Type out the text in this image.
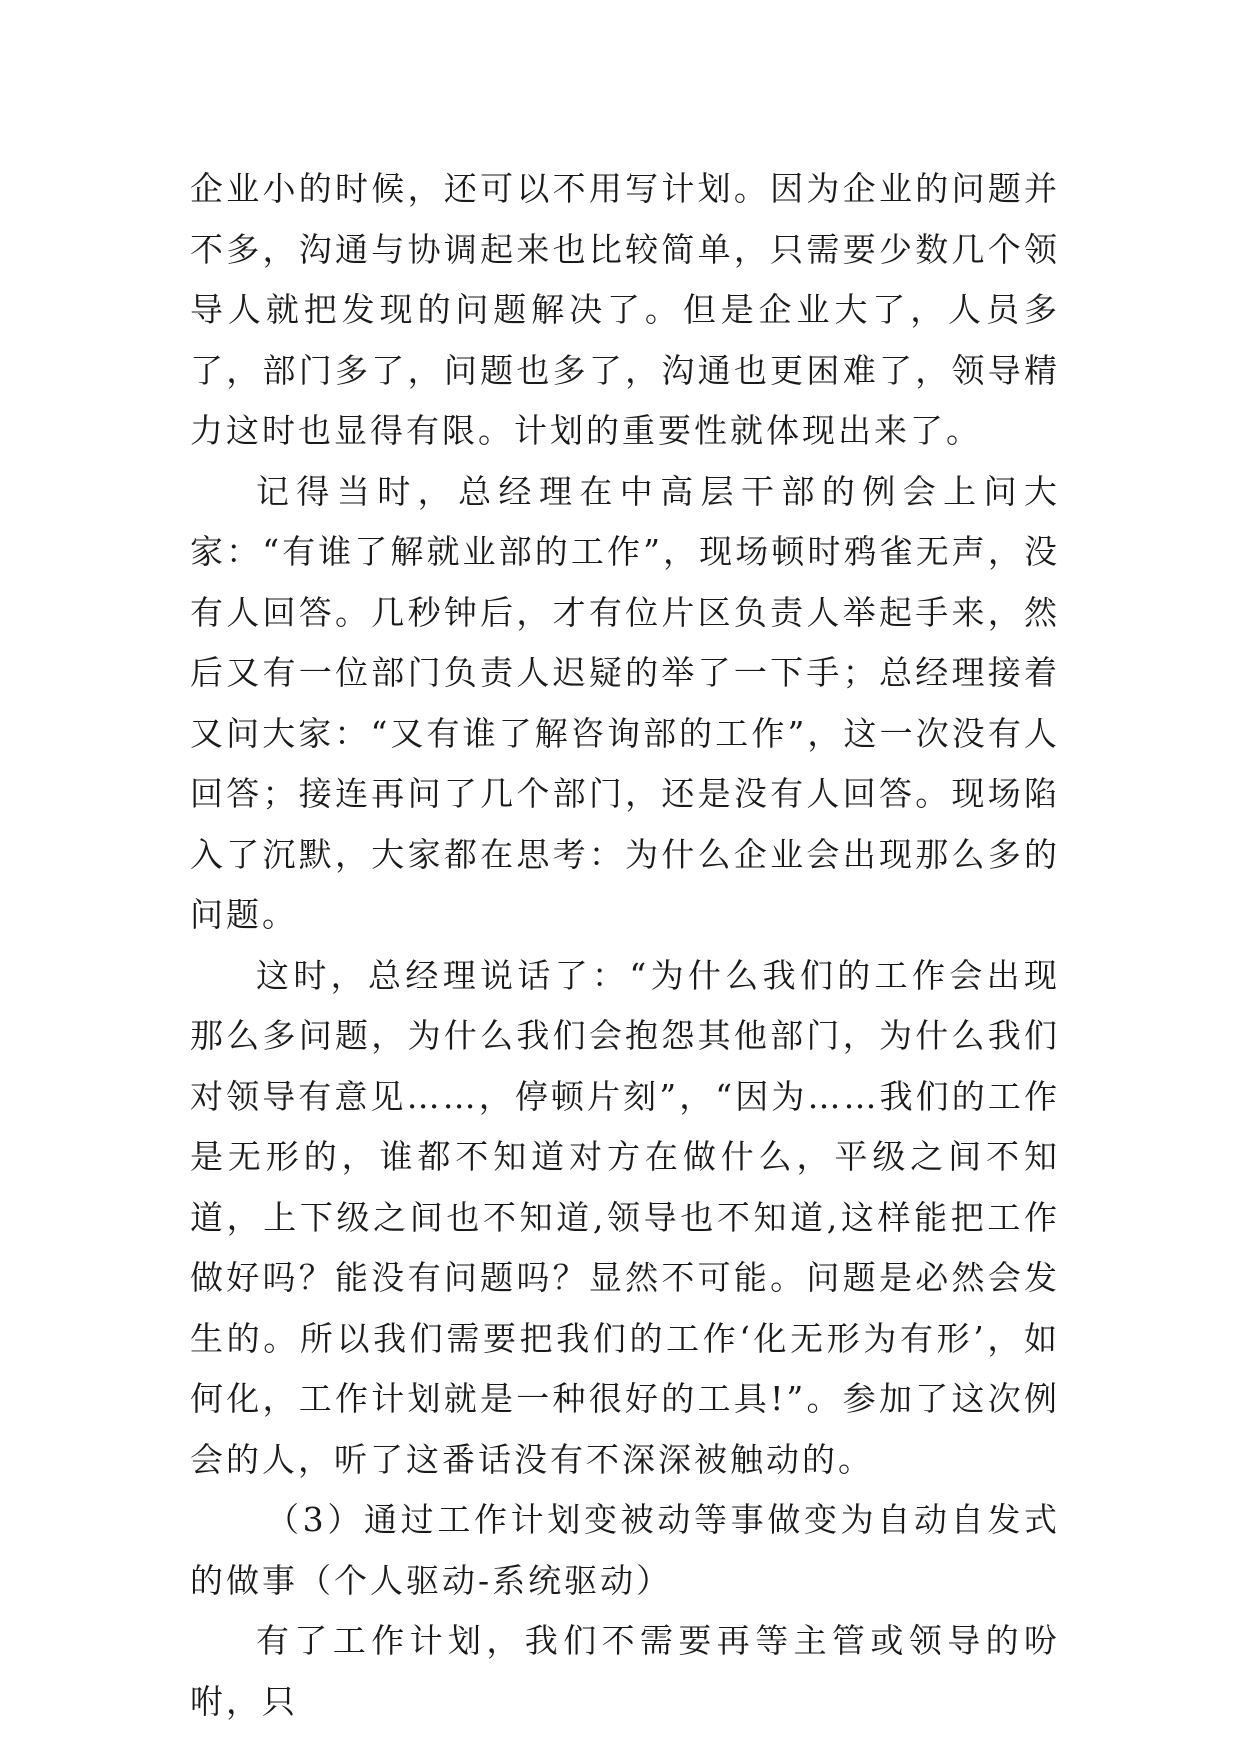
企业小的时候，还可以不用写计划。因为企业的问题并不多，沟通与协调起来也比较简单，只需要少数几个领导人就把发现的问题解决了。但是企业大了，人员多了，部门多了，问题也多了，沟通也更困难了，领导精力这时也显得有限。计划的重要性就体现出来了。

记得当时，总经理在中高层干部的例会上问大家：“有谁了解就业部的工作”，现场顿时鸦雀无声，没有人回答。几秒钟后，才有位片区负责人举起手来，然后又有一位部门负责人迟疑的举了一下手；总经理接着又问大家：“又有谁了解咨询部的工作”，这一次没有人回答；接连再问了几个部门，还是没有人回答。现场陷入了沉默，大家都在思考：为什么企业会出现那么多的问题。

这时，总经理说话了：“为什么我们的工作会出现那么多问题，为什么我们会抱怨其他部门，为什么我们对领导有意见……，停顿片刻”，“因为……我们的工作是无形的，谁都不知道对方在做什么，平级之间不知道，上下级之间也不知道,领导也不知道,这样能把工作做好吗？能没有问题吗？显然不可能。问题是必然会发生的。所以我们需要把我们的工作‘化无形为有形’，如何化，工作计划就是一种很好的工具!”。参加了这次例会的人，听了这番话没有不深深被触动的。

（3）通过工作计划变被动等事做变为自动自发式的做事（个人驱动-系统驱动）

有了工作计划，我们不需要再等主管或领导的吩咐，只
